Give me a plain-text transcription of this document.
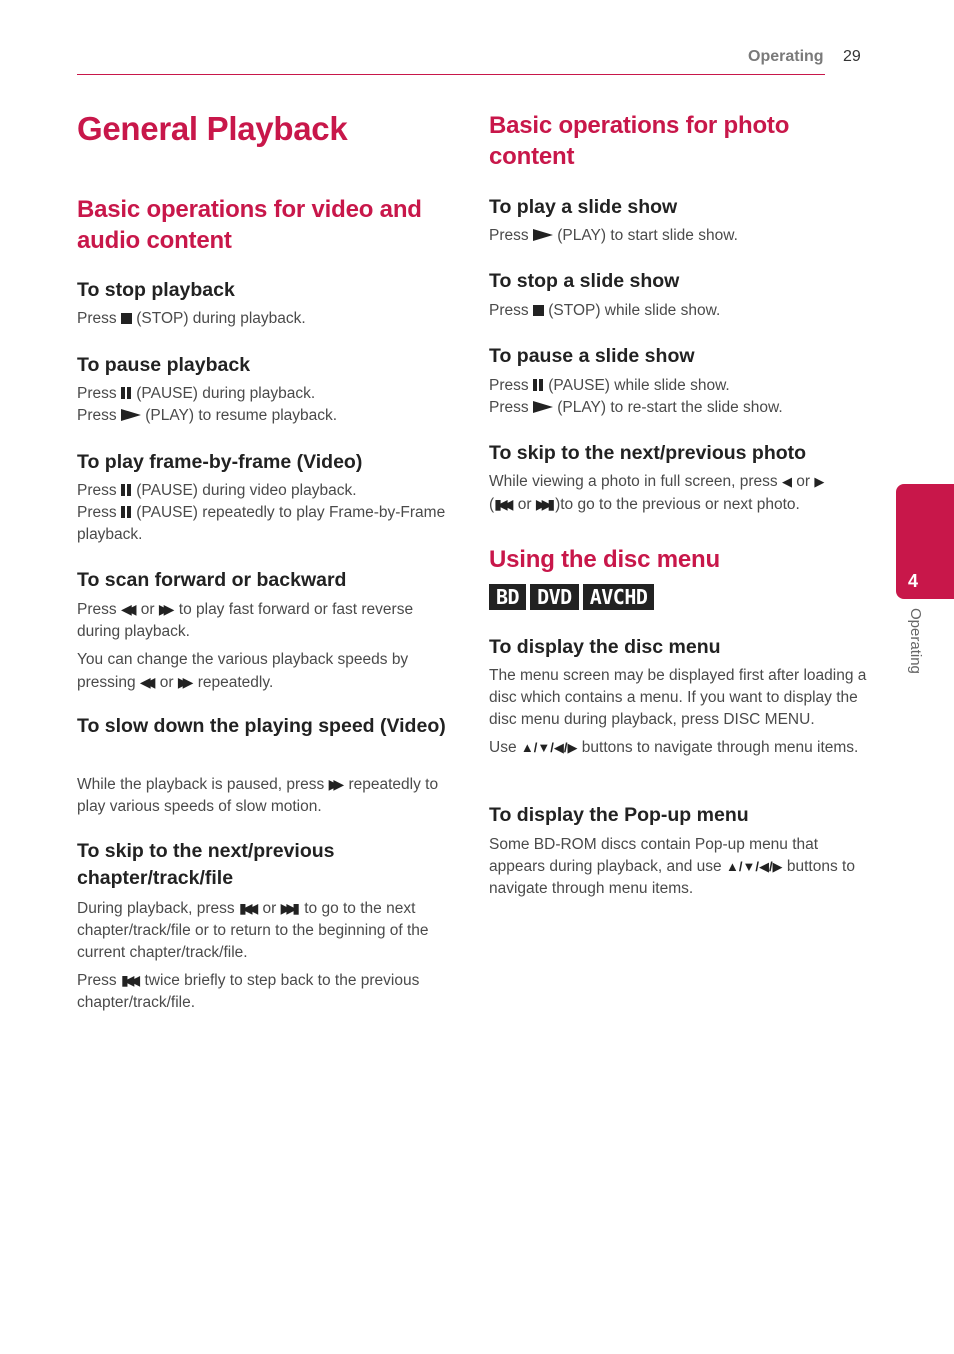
Operating 29
General Playback
Basic operations for video and audio content
To stop playback

Press (STOP) during playback.

To pause playback

Press (PAUSE) during playback.
Press (PLAY) to resume playback.

To play frame-by-frame (Video)

Press (PAUSE) during video playback.
Press (PAUSE) repeatedly to play Frame-by-Frame playback.

To scan forward or backward

Press ◀◀ or ▶▶ to play fast forward or fast reverse during playback.

You can change the various playback speeds by pressing ◀◀ or ▶▶ repeatedly.

To slow down the playing speed (Video)

While the playback is paused, press ▶▶ repeatedly to play various speeds of slow motion.

To skip to the next/previous chapter/track/file

During playback, press ▮◀◀ or ▶▶▮ to go to the next chapter/track/file or to return to the beginning of the current chapter/track/file.

Press ▮◀◀ twice briefly to step back to the previous chapter/track/file.

Basic operations for photo content
To play a slide show

Press (PLAY) to start slide show.

To stop a slide show

Press (STOP) while slide show.

To pause a slide show

Press (PAUSE) while slide show.
Press (PLAY) to re-start the slide show.

To skip to the next/previous photo

While viewing a photo in full screen, press ◀ or ▶
(▮◀◀ or ▶▶▮ )to go to the previous or next photo.

Using the disc menu
BD DVD AVCHD
To display the disc menu

The menu screen may be displayed first after loading a disc which contains a menu. If you want to display the disc menu during playback, press DISC MENU.

Use ▲/▼/◀/▶ buttons to navigate through menu items.

To display the Pop-up menu

Some BD-ROM discs contain Pop-up menu that appears during playback, and use ▲/▼/◀/▶ buttons to navigate through menu items.

4
Operating
